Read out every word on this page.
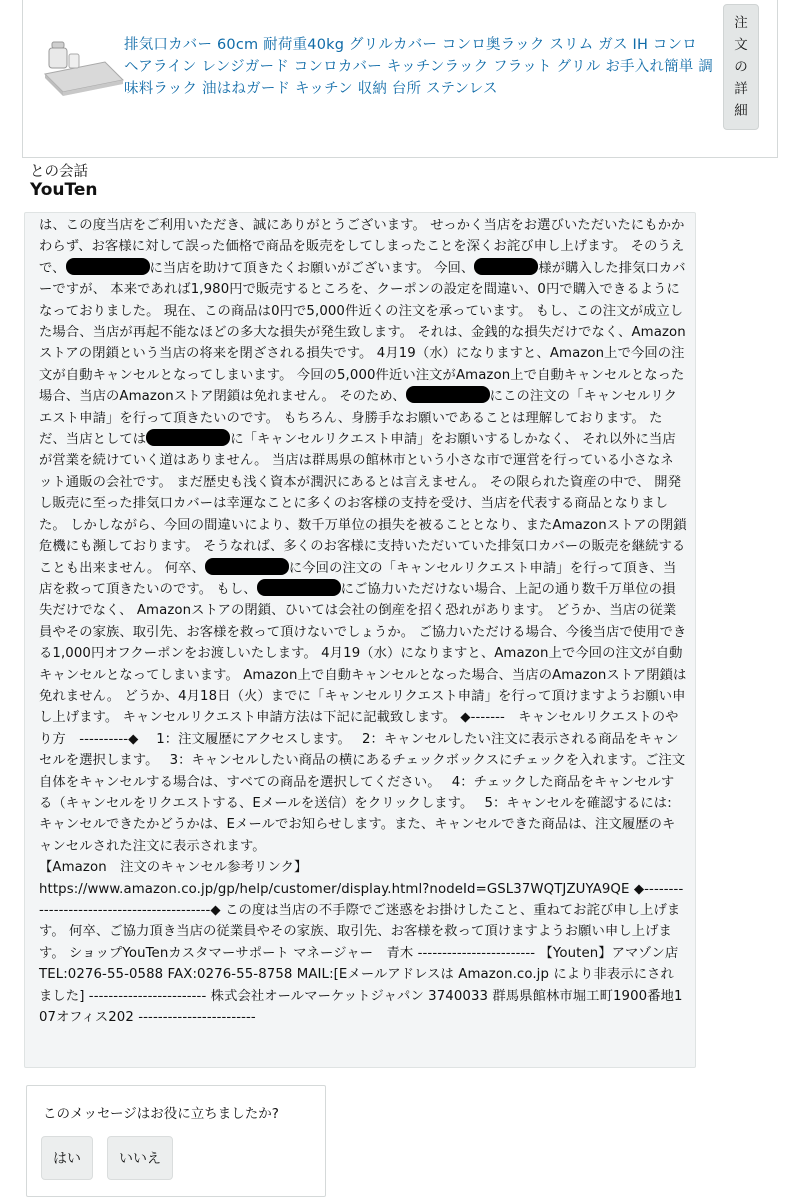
排気口カバー 60cm 耐荷重40kg グリルカバー コンロ奥ラック スリム ガス IH コンロ ヘアライン レンジガード コンロカバー キッチンラック フラット グリル お手入れ簡単 調味料ラック 油はねガード キッチン 収納 台所 ステンレス
注
文
の
詳
細
との会話
YouTen
は、この度当店をご利用いただき、誠にありがとうございます。 せっかく当店をお選びいただいたにもかかわらず、お客様に対して誤った価格で商品を販売をしてしまったことを深くお詫び申し上げます。 そのうえで、	に当店を助けて頂きたくお願いがございます。 今回、	様が購入した排気口カバーですが、 本来であれば1,980円で販売するところを、クーポンの設定を間違い、0円で購入できるようになっておりました。 現在、この商品は0円で5,000件近くの注文を承っています。 もし、この注文が成立した場合、当店が再起不能なほどの多大な損失が発生致します。 それは、金銭的な損失だけでなく、Amazonストアの閉鎖という当店の将来を閉ざされる損失です。 4月19（水）になりますと、Amazon上で今回の注文が自動キャンセルとなってしまいます。 今回の5,000件近い注文がAmazon上で自動キャンセルとなった場合、当店のAmazonストア閉鎖は免れません。 そのため、	にこの注文の「キャンセルリクエスト申請」を行って頂きたいのです。 もちろん、身勝手なお願いであることは理解しております。 ただ、当店としては	に「キャンセルリクエスト申請」をお願いするしかなく、 それ以外に当店が営業を続けていく道はありません。 当店は群馬県の館林市という小さな市で運営を行っている小さなネット通販の会社です。 まだ歴史も浅く資本が潤沢にあるとは言えません。 その限られた資産の中で、 開発し販売に至った排気口カバーは幸運なことに多くのお客様の支持を受け、当店を代表する商品となりました。 しかしながら、今回の間違いにより、数千万単位の損失を被ることとなり、またAmazonストアの閉鎖危機にも瀕しております。 そうなれば、多くのお客様に支持いただいていた排気口カバーの販売を継続することも出来ません。 何卒、	に今回の注文の「キャンセルリクエスト申請」を行って頂き、当店を救って頂きたいのです。 もし、	にご協力いただけない場合、上記の通り数千万単位の損失だけでなく、 Amazonストアの閉鎖、ひいては会社の倒産を招く恐れがあります。 どうか、当店の従業員やその家族、取引先、お客様を救って頂けないでしょうか。 ご協力いただける場合、今後当店で使用できる1,000円オフクーポンをお渡しいたします。 4月19（水）になりますと、Amazon上で今回の注文が自動キャンセルとなってしまいます。 Amazon上で自動キャンセルとなった場合、当店のAmazonストア閉鎖は免れません。 どうか、4月18日（火）までに「キャンセルリクエスト申請」を行って頂けますようお願い申し上げます。 キャンセルリクエスト申請方法は下記に記載致します。 ◆-------　キャンセルリクエストのやり方　----------◆　 1：注文履歴にアクセスします。　 2：キャンセルしたい注文に表示される商品をキャンセルを選択します。　 3：キャンセルしたい商品の横にあるチェックボックスにチェックを入れます。ご注文自体をキャンセルする場合は、すべての商品を選択してください。　 4：チェックした商品をキャンセルする（キャンセルをリクエストする、Eメールを送信）をクリックします。　 5：キャンセルを確認するには: キャンセルできたかどうかは、Eメールでお知らせします。また、キャンセルできた商品は、注文履歴のキャンセルされた注文に表示されます。
【Amazon　注文のキャンセル参考リンク】
https://www.amazon.co.jp/gp/help/customer/display.html?nodeId=GSL37WQTJZUYA9QE ◆-------------------------------------------◆ この度は当店の不手際でご迷惑をお掛けしたこと、重ねてお詫び申し上げます。 何卒、ご協力頂き当店の従業員やその家族、取引先、お客様を救って頂けますようお願い申し上げます。 ショップYouTenカスタマーサポート マネージャー　青木 ------------------------ 【Youten】アマゾン店 TEL:0276-55-0588 FAX:0276-55-8758 MAIL:[Eメールアドレスは Amazon.co.jp により非表示にされました] ------------------------ 株式会社オールマーケットジャパン 3740033 群馬県館林市堀工町1900番地107オフィス202 ------------------------
このメッセージはお役に立ちましたか?
はい	いいえ
